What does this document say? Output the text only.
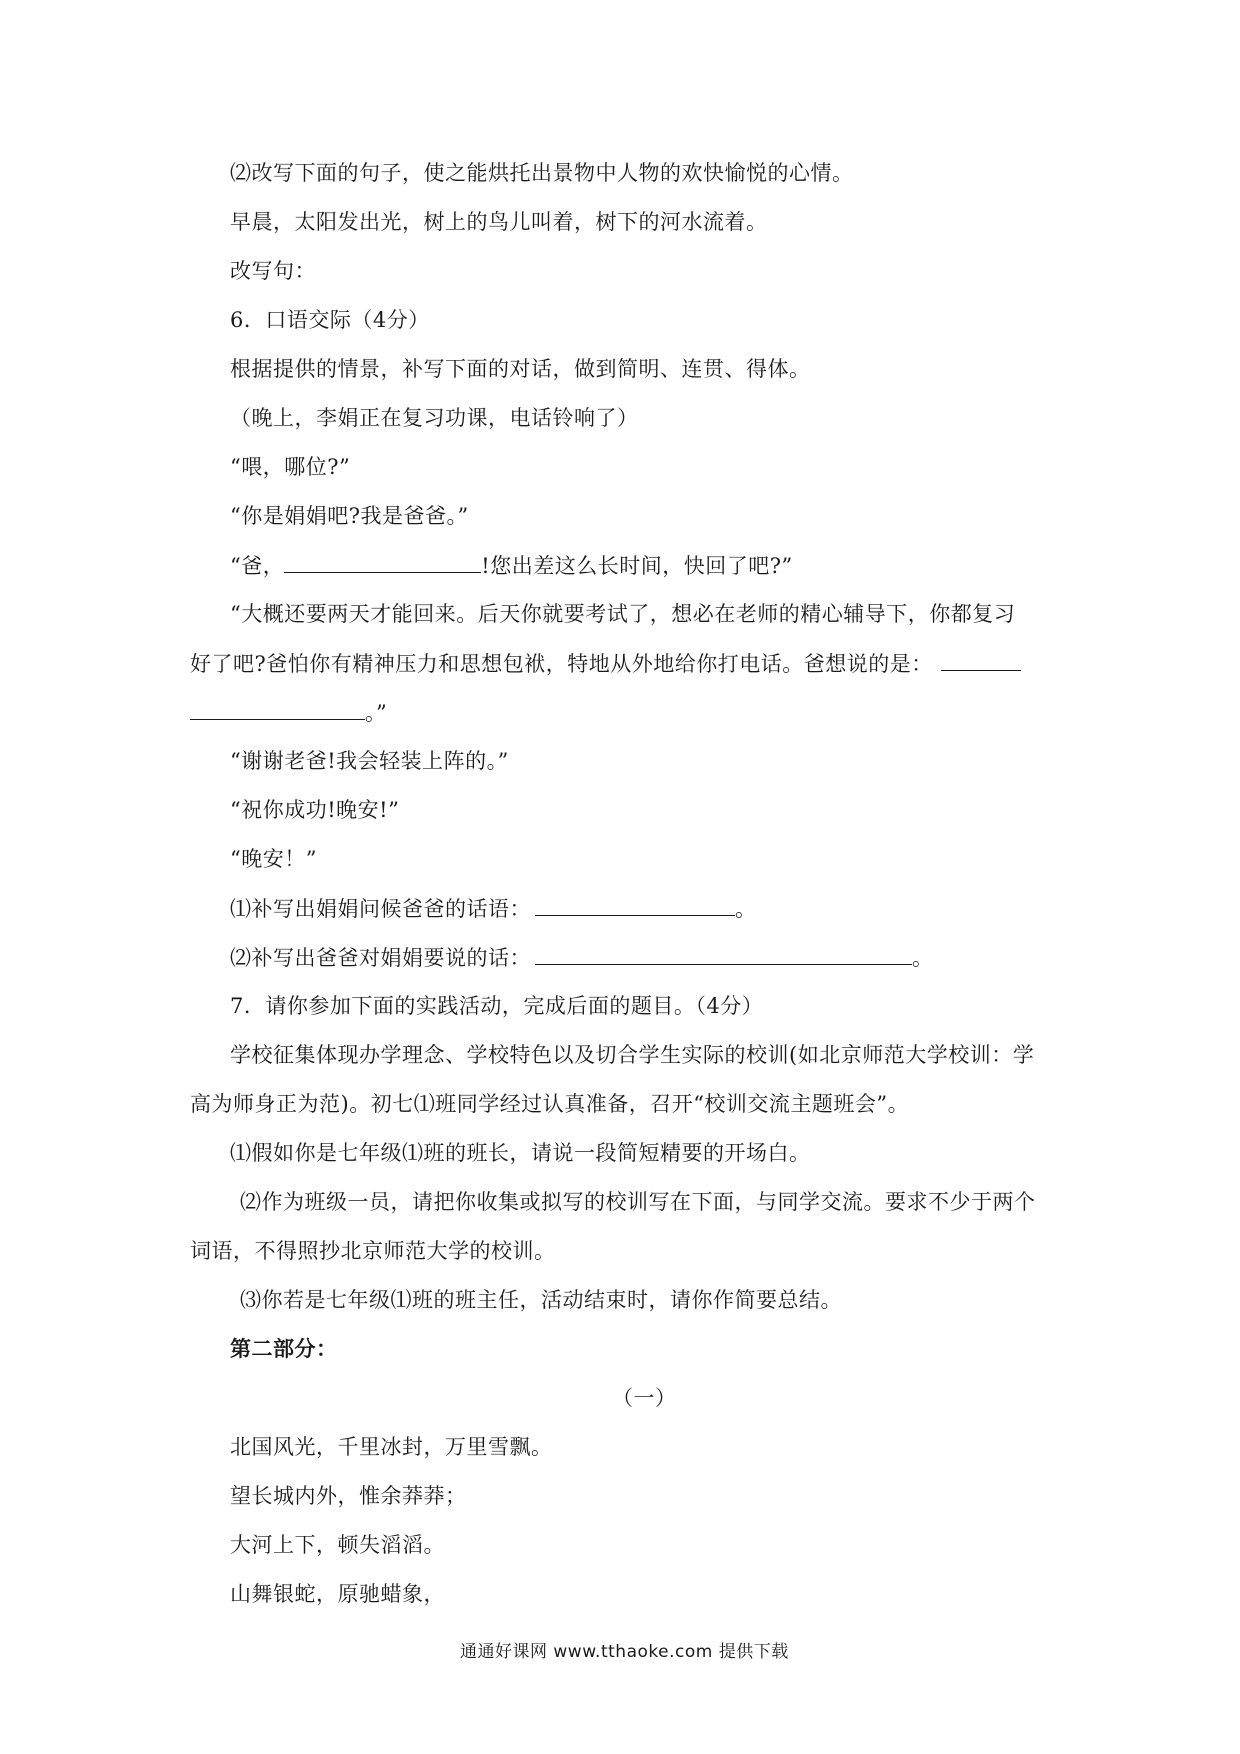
⑵改写下面的句子，使之能烘托出景物中人物的欢快愉悦的心情。
早晨，太阳发出光，树上的鸟儿叫着，树下的河水流着。
改写句：
6．口语交际（4分）
根据提供的情景，补写下面的对话，做到简明、连贯、得体。
（晚上，李娟正在复习功课，电话铃响了）
“喂，哪位?”
“你是娟娟吧?我是爸爸。”
“爸，	!您出差这么长时间，快回了吧?”
“大概还要两天才能回来。后天你就要考试了，想必在老师的精心辅导下，你都复习
好了吧?爸怕你有精神压力和思想包袱，特地从外地给你打电话。爸想说的是：
。”
“谢谢老爸!我会轻装上阵的。”
“祝你成功!晚安!”
“晚安！”
⑴补写出娟娟问候爸爸的话语：	。
⑵补写出爸爸对娟娟要说的话：	。
7．请你参加下面的实践活动，完成后面的题目。（4分）
学校征集体现办学理念、学校特色以及切合学生实际的校训(如北京师范大学校训：学
高为师身正为范)。初七⑴班同学经过认真准备，召开“校训交流主题班会”。
⑴假如你是七年级⑴班的班长，请说一段简短精要的开场白。
⑵作为班级一员，请把你收集或拟写的校训写在下面，与同学交流。要求不少于两个
词语，不得照抄北京师范大学的校训。
⑶你若是七年级⑴班的班主任，活动结束时，请你作简要总结。
第二部分：
（一）
北国风光，千里冰封，万里雪飘。
望长城内外，惟余莽莽；
大河上下，顿失滔滔。
山舞银蛇，原驰蜡象，
通通好课网 www.tthaoke.com 提供下载
